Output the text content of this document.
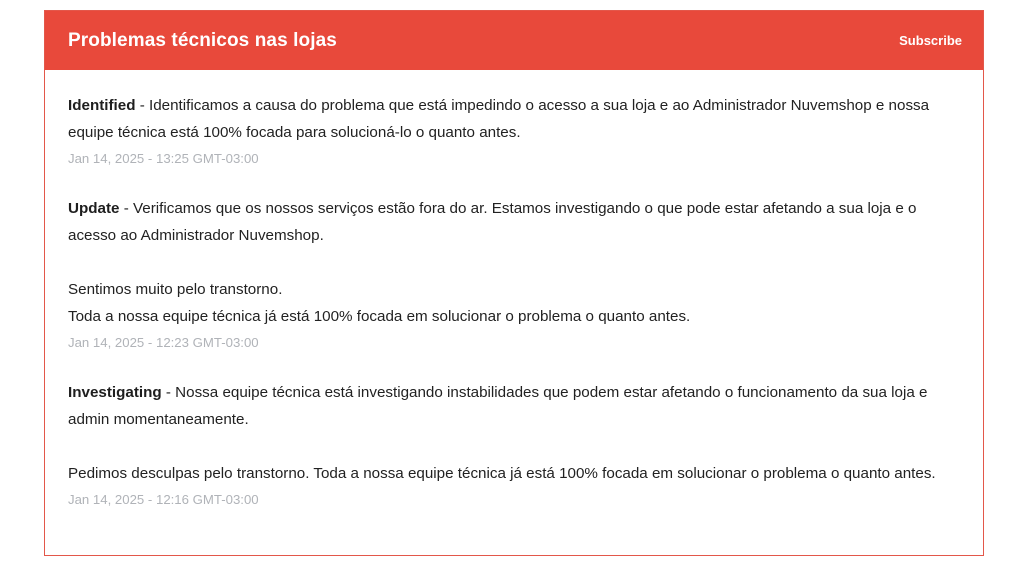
Problemas técnicos nas lojas	Subscribe

Identified - Identificamos a causa do problema que está impedindo o acesso a sua loja e ao Administrador Nuvemshop e nossa equipe técnica está 100% focada para solucioná-lo o quanto antes.

Jan 14, 2025 - 13:25 GMT-03:00

Update - Verificamos que os nossos serviços estão fora do ar. Estamos investigando o que pode estar afetando a sua loja e o acesso ao Administrador Nuvemshop.

Sentimos muito pelo transtorno.
Toda a nossa equipe técnica já está 100% focada em solucionar o problema o quanto antes.

Jan 14, 2025 - 12:23 GMT-03:00

Investigating - Nossa equipe técnica está investigando instabilidades que podem estar afetando o funcionamento da sua loja e admin momentaneamente.

Pedimos desculpas pelo transtorno. Toda a nossa equipe técnica já está 100% focada em solucionar o problema o quanto antes.

Jan 14, 2025 - 12:16 GMT-03:00
